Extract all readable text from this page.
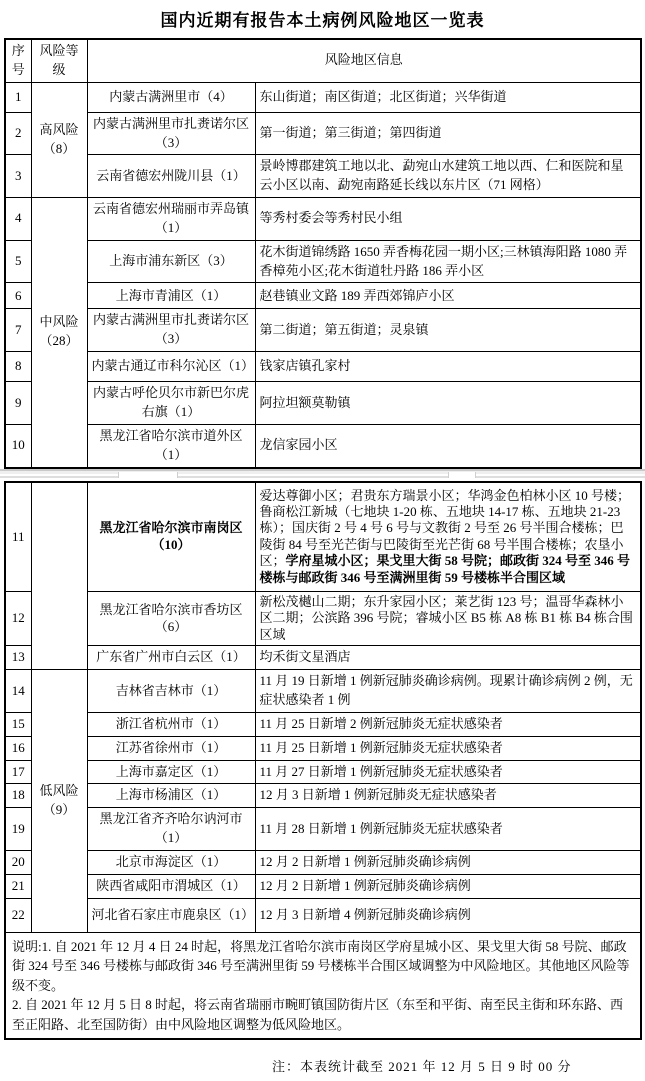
国内近期有报告本土病例风险地区一览表
序号	风险等级	风险地区信息	
1	高风险（8）	内蒙古满洲里市（4）	东山街道；南区街道；北区街道；兴华街道
2		内蒙古满洲里市扎赉诺尔区（3）	第一街道；第三街道；第四街道
3		云南省德宏州陇川县（1）	景岭博郡建筑工地以北、勐宛山水建筑工地以西、仁和医院和星云小区以南、勐宛南路延长线以东片区（71 网格）
4	中风险（28）	云南省德宏州瑞丽市弄岛镇（1）	等秀村委会等秀村民小组
5		上海市浦东新区（3）	花木街道锦绣路 1650 弄香梅花园一期小区;三林镇海阳路 1080 弄香樟苑小区;花木街道牡丹路 186 弄小区
6		上海市青浦区（1）	赵巷镇业文路 189 弄西郊锦庐小区
7		内蒙古满洲里市扎赉诺尔区（3）	第二街道；第五街道；灵泉镇
8		内蒙古通辽市科尔沁区（1）	钱家店镇孔家村
9		内蒙古呼伦贝尔市新巴尔虎右旗（1）	阿拉坦额莫勒镇
10		黑龙江省哈尔滨市道外区（1）	龙信家园小区
11		黑龙江省哈尔滨市南岗区（10）	爱达尊御小区；君贵东方瑞景小区；华鸿金色柏林小区 10 号楼；鲁商松江新城（七地块 1-20 栋、五地块 14-17 栋、五地块 21-23 栋）；国庆街 2 号 4 号 6 号与文教街 2 号至 26 号半围合楼栋；巴陵街 84 号至光芒街与巴陵街至光芒街 68 号半围合楼栋；农垦小区；学府星城小区；果戈里大街 58 号院；邮政街 324 号至 346 号楼栋与邮政街 346 号至满洲里街 59 号楼栋半合围区域
12		黑龙江省哈尔滨市香坊区（6）	新松茂樾山二期；东升家园小区；莱艺街 123 号；温哥华森林小区二期；公滨路 396 号院；睿城小区 B5 栋 A8 栋 B1 栋 B4 栋合围区域
13		广东省广州市白云区（1）	均禾街文星酒店
14	低风险（9）	吉林省吉林市（1）	11 月 19 日新增 1 例新冠肺炎确诊病例。现累计确诊病例 2 例，无症状感染者 1 例
15		浙江省杭州市（1）	11 月 25 日新增 2 例新冠肺炎无症状感染者
16		江苏省徐州市（1）	11 月 25 日新增 1 例新冠肺炎无症状感染者
17		上海市嘉定区（1）	11 月 27 日新增 1 例新冠肺炎无症状感染者
18		上海市杨浦区（1）	12 月 3 日新增 1 例新冠肺炎无症状感染者
19		黑龙江省齐齐哈尔讷河市（1）	11 月 28 日新增 1 例新冠肺炎无症状感染者
20		北京市海淀区（1）	12 月 2 日新增 1 例新冠肺炎确诊病例
21		陕西省咸阳市渭城区（1）	12 月 2 日新增 1 例新冠肺炎确诊病例
22		河北省石家庄市鹿泉区（1）	12 月 3 日新增 4 例新冠肺炎确诊病例

说明:1. 自 2021 年 12 月 4 日 24 时起，将黑龙江省哈尔滨市南岗区学府星城小区、果戈里大街 58 号院、邮政街 324 号至 346 号楼栋与邮政街 346 号至满洲里街 59 号楼栋半合围区域调整为中风险地区。其他地区风险等级不变。
2. 自 2021 年 12 月 5 日 8 时起，将云南省瑞丽市畹町镇国防街片区（东至和平街、南至民主街和环东路、西至正阳路、北至国防街）由中风险地区调整为低风险地区。			
注：本表统计截至 2021 年 12 月 5 日 9 时 00 分
